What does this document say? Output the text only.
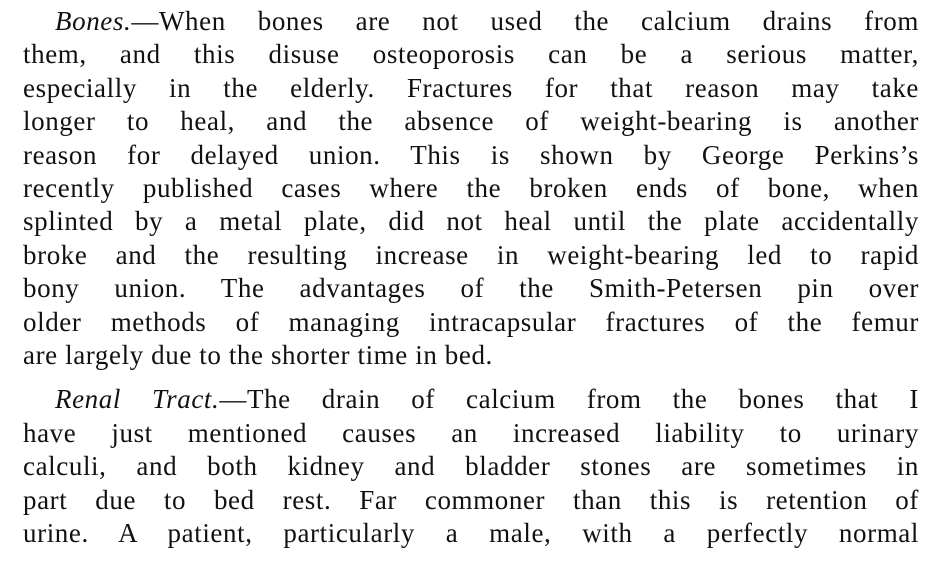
Bones.—When bones are not used the calcium drains from
them, and this disuse osteoporosis can be a serious matter,
especially in the elderly. Fractures for that reason may take
longer to heal, and the absence of weight-bearing is another
reason for delayed union. This is shown by George Perkins’s
recently published cases where the broken ends of bone, when
splinted by a metal plate, did not heal until the plate accidentally
broke and the resulting increase in weight-bearing led to rapid
bony union. The advantages of the Smith-Petersen pin over
older methods of managing intracapsular fractures of the femur
are largely due to the shorter time in bed.

Renal Tract.—The drain of calcium from the bones that I
have just mentioned causes an increased liability to urinary
calculi, and both kidney and bladder stones are sometimes in
part due to bed rest. Far commoner than this is retention of
urine. A patient, particularly a male, with a perfectly normal
